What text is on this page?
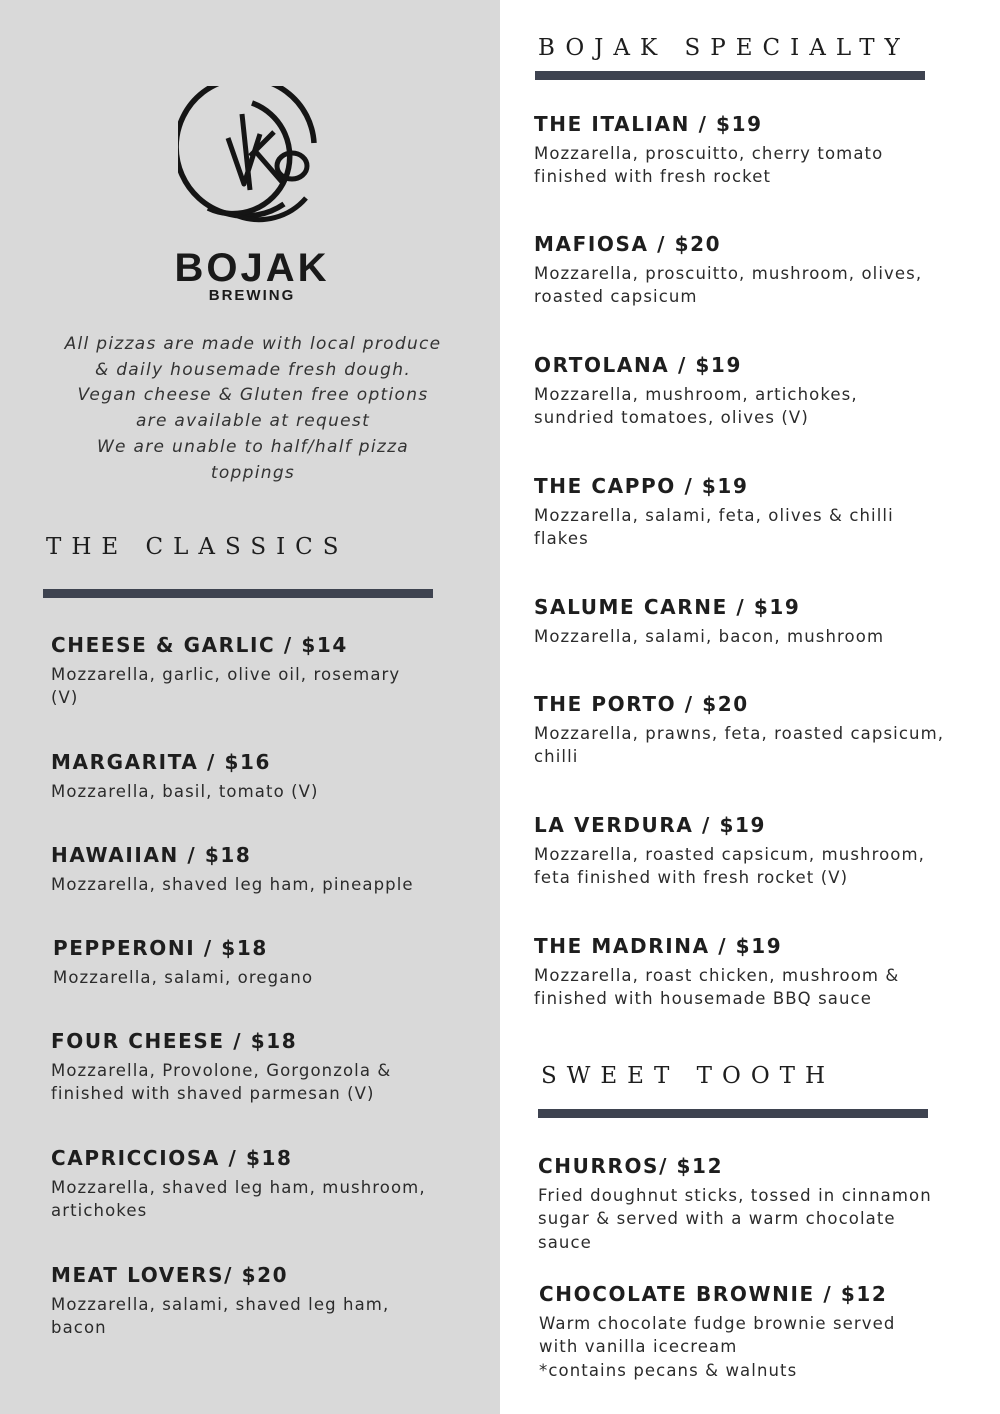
BOJAK
BREWING
All pizzas are made with local produce
& daily housemade fresh dough.
Vegan cheese & Gluten free options
are available at request
We are unable to half/half pizza
toppings
THE CLASSICS
CHEESE & GARLIC / $14
Mozzarella, garlic, olive oil, rosemary
(V)
MARGARITA / $16
Mozzarella, basil, tomato (V)
HAWAIIAN / $18
Mozzarella, shaved leg ham, pineapple
PEPPERONI / $18
Mozzarella, salami, oregano
FOUR CHEESE / $18
Mozzarella, Provolone, Gorgonzola &
finished with shaved parmesan (V)
CAPRICCIOSA / $18
Mozzarella, shaved leg ham, mushroom,
artichokes
MEAT LOVERS/ $20
Mozzarella, salami, shaved leg ham,
bacon
BOJAK SPECIALTY
THE ITALIAN / $19
Mozzarella, proscuitto, cherry tomato
finished with fresh rocket
MAFIOSA / $20
Mozzarella, proscuitto, mushroom, olives,
roasted capsicum
ORTOLANA / $19
Mozzarella, mushroom, artichokes,
sundried tomatoes, olives (V)
THE CAPPO / $19
Mozzarella, salami, feta, olives & chilli
flakes
SALUME CARNE / $19
Mozzarella, salami, bacon, mushroom
THE PORTO / $20
Mozzarella, prawns, feta, roasted capsicum,
chilli
LA VERDURA / $19
Mozzarella, roasted capsicum, mushroom,
feta finished with fresh rocket (V)
THE MADRINA / $19
Mozzarella, roast chicken, mushroom &
finished with housemade BBQ sauce
SWEET TOOTH
CHURROS/ $12
Fried doughnut sticks, tossed in cinnamon
sugar & served with a warm chocolate
sauce
CHOCOLATE BROWNIE / $12
Warm chocolate fudge brownie served
with vanilla icecream
*contains pecans & walnuts
